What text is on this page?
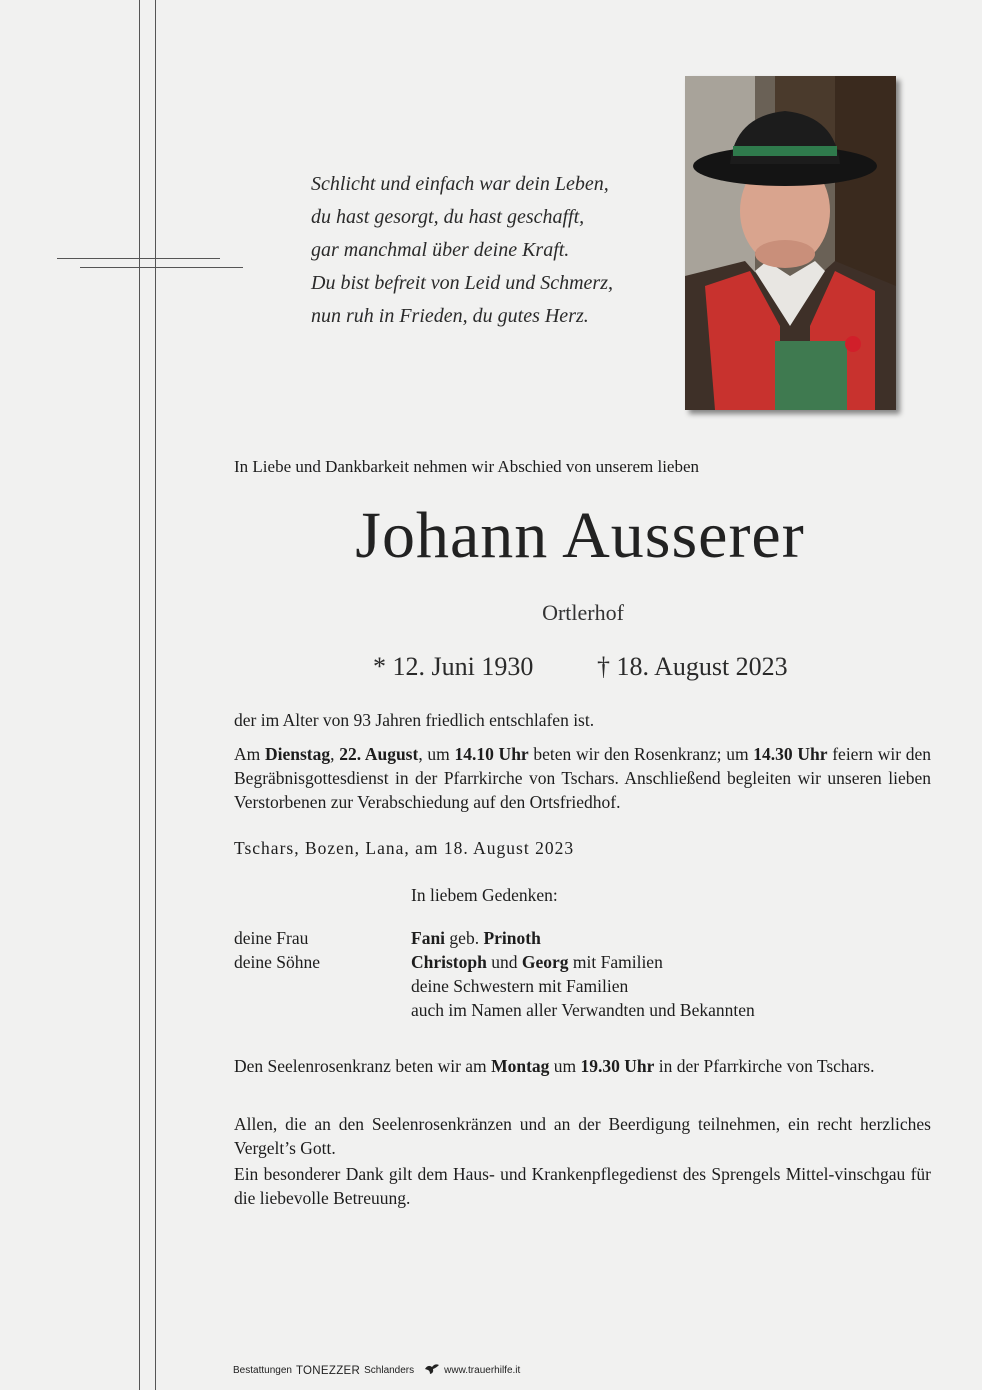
Schlicht und einfach war dein Leben,
du hast gesorgt, du hast geschafft,
gar manchmal über deine Kraft.
Du bist befreit von Leid und Schmerz,
nun ruh in Frieden, du gutes Herz.
In Liebe und Dankbarkeit nehmen wir Abschied von unserem lieben
Johann Ausserer
Ortlerhof
* 12. Juni 1930 † 18. August 2023
der im Alter von 93 Jahren friedlich entschlafen ist.
Am Dienstag, 22. August, um 14.10 Uhr beten wir den Rosenkranz; um 14.30 Uhr feiern wir den Begräbnisgottesdienst in der Pfarrkirche von Tschars. Anschließend begleiten wir unseren lieben Verstorbenen zur Verabschiedung auf den Ortsfriedhof.
Tschars, Bozen, Lana, am 18. August 2023
In liebem Gedenken:
deine Frau	Fani geb. Prinoth
deine Söhne	Christoph und Georg mit Familien
deine Schwestern mit Familien
auch im Namen aller Verwandten und Bekannten
Den Seelenrosenkranz beten wir am Montag um 19.30 Uhr in der Pfarrkirche von Tschars.
Allen, die an den Seelenrosenkränzen und an der Beerdigung teilnehmen, ein recht herzliches Vergelt’s Gott.
Ein besonderer Dank gilt dem Haus- und Krankenpflegedienst des Sprengels Mittel-vinschgau für die liebevolle Betreuung.
Bestattungen TONEZZER Schlanders	www.trauerhilfe.it
